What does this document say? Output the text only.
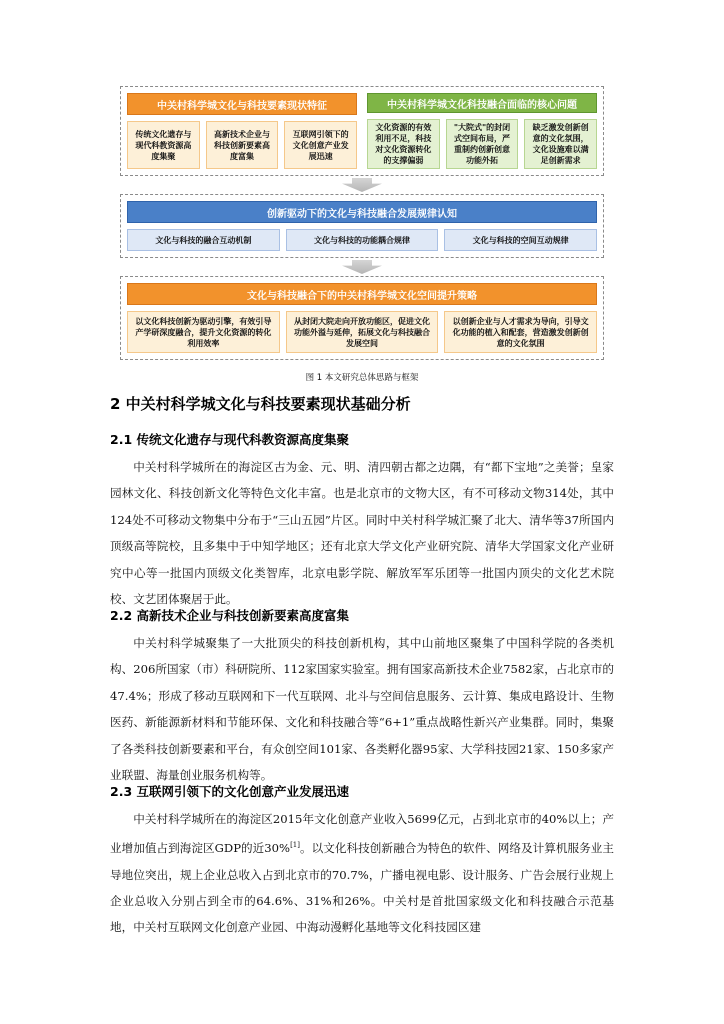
中关村科学城文化与科技要素现状特征
传统文化遗存与现代科教资源高度集聚
高新技术企业与科技创新要素高度富集
互联网引领下的文化创意产业发展迅速
中关村科学城文化科技融合面临的核心问题
文化资源的有效利用不足，科技对文化资源转化的支撑偏弱
"大院式"的封闭式空间布局，严重制约创新创意功能外拓
缺乏激发创新创意的文化氛围，文化设施难以满足创新需求
创新驱动下的文化与科技融合发展规律认知
文化与科技的融合互动机制	文化与科技的功能耦合规律	文化与科技的空间互动规律
文化与科技融合下的中关村科学城文化空间提升策略
以文化科技创新为驱动引擎，有效引导产学研深度融合，提升文化资源的转化利用效率
从封闭大院走向开放功能区，促进文化功能外溢与延伸，拓展文化与科技融合发展空间
以创新企业与人才需求为导向，引导文化功能的植入和配套，营造激发创新创意的文化氛围
图 1 本文研究总体思路与框架
2 中关村科学城文化与科技要素现状基础分析
2.1 传统文化遗存与现代科教资源高度集聚

中关村科学城所在的海淀区古为金、元、明、清四朝古都之边隅，有“都下宝地”之美誉；皇家园林文化、科技创新文化等特色文化丰富。也是北京市的文物大区，有不可移动文物314处，其中124处不可移动文物集中分布于“三山五园”片区。同时中关村科学城汇聚了北大、清华等37所国内顶级高等院校，且多集中于中知学地区；还有北京大学文化产业研究院、清华大学国家文化产业研究中心等一批国内顶级文化类智库，北京电影学院、解放军军乐团等一批国内顶尖的文化艺术院校、文艺团体聚居于此。

2.2 高新技术企业与科技创新要素高度富集

中关村科学城聚集了一大批顶尖的科技创新机构，其中山前地区聚集了中国科学院的各类机构、206所国家（市）科研院所、112家国家实验室。拥有国家高新技术企业7582家，占北京市的47.4%；形成了移动互联网和下一代互联网、北斗与空间信息服务、云计算、集成电路设计、生物医药、新能源新材料和节能环保、文化和科技融合等“6+1”重点战略性新兴产业集群。同时，集聚了各类科技创新要素和平台，有众创空间101家、各类孵化器95家、大学科技园21家、150多家产业联盟、海量创业服务机构等。

2.3 互联网引领下的文化创意产业发展迅速

中关村科学城所在的海淀区2015年文化创意产业收入5699亿元，占到北京市的40%以上；产业增加值占到海淀区GDP的近30%[1]。以文化科技创新融合为特色的软件、网络及计算机服务业主导地位突出，规上企业总收入占到北京市的70.7%，广播电视电影、设计服务、广告会展行业规上企业总收入分别占到全市的64.6%、31%和26%。中关村是首批国家级文化和科技融合示范基地，中关村互联网文化创意产业园、中海动漫孵化基地等文化科技园区建
